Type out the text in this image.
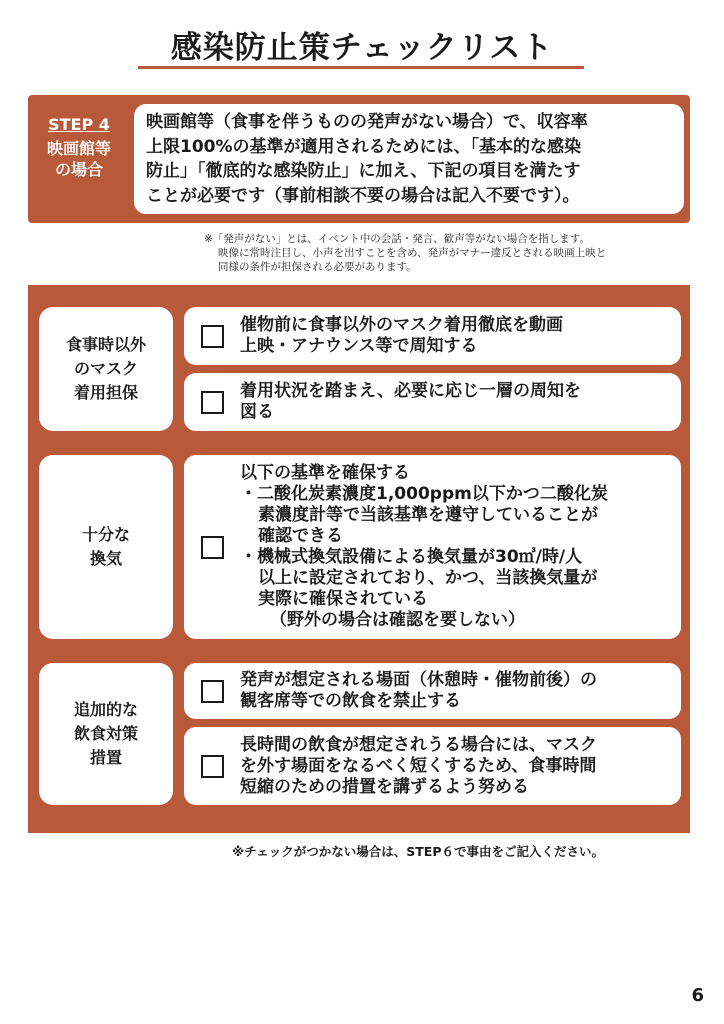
感染防止策チェックリスト
STEP 4
映画館等
の場合
映画館等（食事を伴うものの発声がない場合）で、収容率
上限100%の基準が適用されるためには、「基本的な感染
防止」「徹底的な感染防止」に加え、下記の項目を満たす
ことが必要です（事前相談不要の場合は記入不要です）。
※「発声がない」とは、イベント中の会話・発言、歓声等がない場合を指します。
映像に常時注目し、小声を出すことを含め、発声がマナー違反とされる映画上映と
同様の条件が担保される必要があります。
食事時以外
のマスク
着用担保
催物前に食事以外のマスク着用徹底を動画
上映・アナウンス等で周知する
着用状況を踏まえ、必要に応じ一層の周知を
図る
十分な
換気
以下の基準を確保する
・二酸化炭素濃度1,000ppm以下かつ二酸化炭
素濃度計等で当該基準を遵守していることが
確認できる
・機械式換気設備による換気量が30㎥/時/人
以上に設定されており、かつ、当該換気量が
実際に確保されている
（野外の場合は確認を要しない）
追加的な
飲食対策
措置
発声が想定される場面（休憩時・催物前後）の
観客席等での飲食を禁止する
長時間の飲食が想定されうる場合には、マスク
を外す場面をなるべく短くするため、食事時間
短縮のための措置を講ずるよう努める
※チェックがつかない場合は、STEP６で事由をご記入ください。
6
